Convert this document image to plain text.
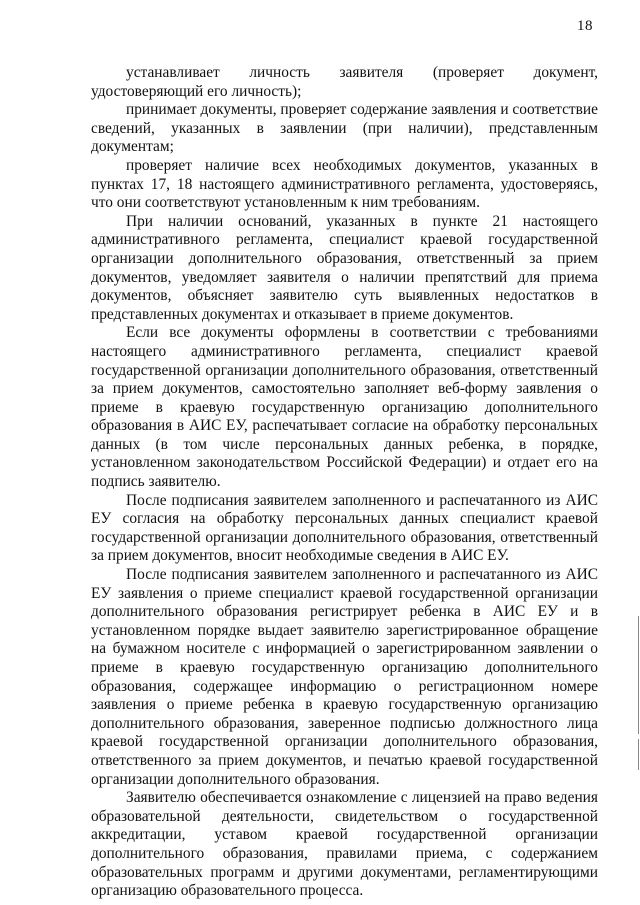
18

устанавливает личность заявителя (проверяет документ, удостоверяющий его личность);

принимает документы, проверяет содержание заявления и соответствие сведений, указанных в заявлении (при наличии), представленным документам;

проверяет наличие всех необходимых документов, указанных в пунктах 17, 18 настоящего административного регламента, удостоверяясь, что они соответствуют установленным к ним требованиям.

При наличии оснований, указанных в пункте 21 настоящего административного регламента, специалист краевой государственной организации дополнительного образования, ответственный за прием документов, уведомляет заявителя о наличии препятствий для приема документов, объясняет заявителю суть выявленных недостатков в представленных документах и отказывает в приеме документов.

Если все документы оформлены в соответствии с требованиями настоящего административного регламента, специалист краевой государственной организации дополнительного образования, ответственный за прием документов, самостоятельно заполняет веб-форму заявления о приеме в краевую государственную организацию дополнительного образования в АИС ЕУ, распечатывает согласие на обработку персональных данных (в том числе персональных данных ребенка, в порядке, установленном законодательством Российской Федерации) и отдает его на подпись заявителю.

После подписания заявителем заполненного и распечатанного из АИС ЕУ согласия на обработку персональных данных специалист краевой государственной организации дополнительного образования, ответственный за прием документов, вносит необходимые сведения в АИС ЕУ.

После подписания заявителем заполненного и распечатанного из АИС ЕУ заявления о приеме специалист краевой государственной организации дополнительного образования регистрирует ребенка в АИС ЕУ и в установленном порядке выдает заявителю зарегистрированное обращение на бумажном носителе с информацией о зарегистрированном заявлении о приеме в краевую государственную организацию дополнительного образования, содержащее информацию о регистрационном номере заявления о приеме ребенка в краевую государственную организацию дополнительного образования, заверенное подписью должностного лица краевой государственной организации дополнительного образования, ответственного за прием документов, и печатью краевой государственной организации дополнительного образования.

Заявителю обеспечивается ознакомление с лицензией на право ведения образовательной деятельности, свидетельством о государственной аккредитации, уставом краевой государственной организации дополнительного образования, правилами приема, с содержанием образовательных программ и другими документами, регламентирующими организацию образовательного процесса.
